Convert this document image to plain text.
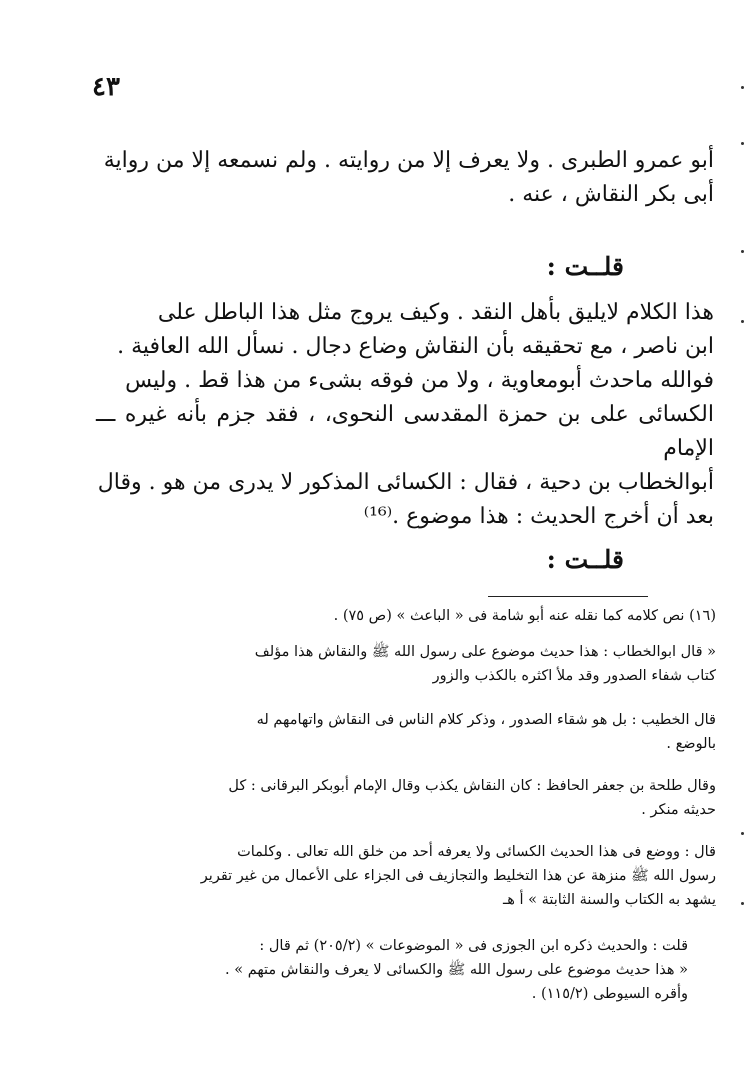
٤٣

أبو عمرو الطبرى . ولا يعرف إلا من روايته . ولم نسمعه إلا من رواية

أبى بكر النقاش ، عنه .

قلــت :

هذا الكلام لايليق بأهل النقد . وكيف يروج مثل هذا الباطل على

ابن ناصر ، مع تحقيقه بأن النقاش وضاع دجال . نسأل الله العافية .

فوالله ماحدث أبومعاوية ، ولا من فوقه بشىء من هذا قط . وليس

الكسائى على بن حمزة المقدسى النحوى، ، فقد جزم بأنه غيره ـــ الإمام

أبوالخطاب بن دحية ، فقال : الكسائى المذكور لا يدرى من هو . وقال

بعد أن أخرج الحديث : هذا موضوع .⁽¹⁶⁾

قلــت :

(١٦) نص كلامه كما نقله عنه أبو شامة فى « الباعث » (ص ٧٥) .

« قال ابوالخطاب : هذا حديث موضوع على رسول الله ﷺ والنقاش هذا مؤلف

كتاب شفاء الصدور وقد ملأ اكثره بالكذب والزور

قال الخطيب : بل هو شقاء الصدور ، وذكر كلام الناس فى النقاش واتهامهم له

بالوضع .

وقال طلحة بن جعفر الحافظ : كان النقاش يكذب وقال الإمام أبوبكر البرقانى : كل

حديثه منكر .

قال : ووضع فى هذا الحديث الكسائى ولا يعرفه أحد من خلق الله تعالى . وكلمات

رسول الله ﷺ منزهة عن هذا التخليط والتجازيف فى الجزاء على الأعمال من غير تقرير

يشهد به الكتاب والسنة الثابتة » أ هـ

قلت : والحديث ذكره ابن الجوزى فى « الموضوعات » (٢٠٥/٢) ثم قال :

« هذا حديث موضوع على رسول الله ﷺ والكسائى لا يعرف والنقاش متهم » .

وأقره السيوطى (١١٥/٢) .
